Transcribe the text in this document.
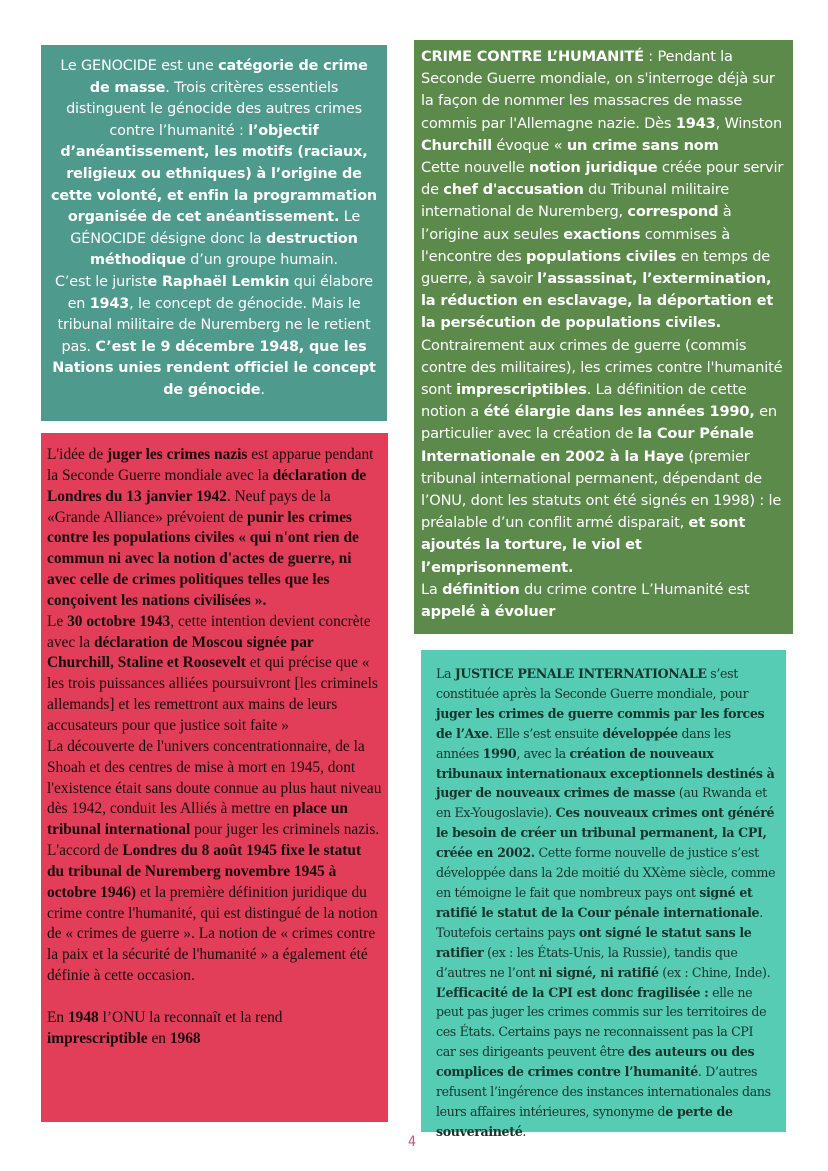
Le GENOCIDE est une catégorie de crime de masse. Trois critères essentiels distinguent le génocide des autres crimes contre l’humanité : l’objectif d’anéantissement, les motifs (raciaux, religieux ou ethniques) à l’origine de cette volonté, et enfin la programmation organisée de cet anéantissement. Le GÉNOCIDE désigne donc la destruction méthodique d’un groupe humain.
C’est le juriste Raphaël Lemkin qui élabore en 1943, le concept de génocide. Mais le tribunal militaire de Nuremberg ne le retient pas. C’est le 9 décembre 1948, que les Nations unies rendent officiel le concept de génocide.
CRIME CONTRE L’HUMANITÉ : Pendant la Seconde Guerre mondiale, on s'interroge déjà sur la façon de nommer les massacres de masse commis par l'Allemagne nazie. Dès 1943, Winston Churchill évoque « un crime sans nom
Cette nouvelle notion juridique créée pour servir de chef d'accusation du Tribunal militaire international de Nuremberg, correspond à l’origine aux seules exactions commises à l'encontre des populations civiles en temps de guerre, à savoir l’assassinat, l’extermination, la réduction en esclavage, la déportation et la persécution de populations civiles.
Contrairement aux crimes de guerre (commis contre des militaires), les crimes contre l'humanité sont imprescriptibles. La définition de cette notion a été élargie dans les années 1990, en particulier avec la création de la Cour Pénale Internationale en 2002 à la Haye (premier tribunal international permanent, dépendant de l’ONU, dont les statuts ont été signés en 1998) : le préalable d’un conflit armé disparait, et sont ajoutés la torture, le viol et l’emprisonnement.
La définition du crime contre L’Humanité est appelé à évoluer
L'idée de juger les crimes nazis est apparue pendant la Seconde Guerre mondiale avec la déclaration de Londres du 13 janvier 1942. Neuf pays de la «Grande Alliance» prévoient de punir les crimes contre les populations civiles « qui n'ont rien de commun ni avec la notion d'actes de guerre, ni avec celle de crimes politiques telles que les conçoivent les nations civilisées ».
Le 30 octobre 1943, cette intention devient concrète avec la déclaration de Moscou signée par Churchill, Staline et Roosevelt et qui précise que « les trois puissances alliées poursuivront [les criminels allemands] et les remettront aux mains de leurs accusateurs pour que justice soit faite »
La découverte de l'univers concentrationnaire, de la Shoah et des centres de mise à mort en 1945, dont l'existence était sans doute connue au plus haut niveau dès 1942, conduit les Alliés à mettre en place un tribunal international pour juger les criminels nazis. L'accord de Londres du 8 août 1945 fixe le statut du tribunal de Nuremberg novembre 1945 à octobre 1946) et la première définition juridique du crime contre l'humanité, qui est distingué de la notion de « crimes de guerre ». La notion de « crimes contre la paix et la sécurité de l'humanité » a également été définie à cette occasion.

En 1948 l’ONU la reconnaît et la rend imprescriptible en 1968
La JUSTICE PENALE INTERNATIONALE s’est constituée après la Seconde Guerre mondiale, pour juger les crimes de guerre commis par les forces de l’Axe. Elle s’est ensuite développée dans les années 1990, avec la création de nouveaux tribunaux internationaux exceptionnels destinés à juger de nouveaux crimes de masse (au Rwanda et en Ex-Yougoslavie). Ces nouveaux crimes ont généré le besoin de créer un tribunal permanent, la CPI, créée en 2002. Cette forme nouvelle de justice s’est développée dans la 2de moitié du XXème siècle, comme en témoigne le fait que nombreux pays ont signé et ratifié le statut de la Cour pénale internationale. Toutefois certains pays ont signé le statut sans le ratifier (ex : les États-Unis, la Russie), tandis que d’autres ne l’ont ni signé, ni ratifié (ex : Chine, Inde). L’efficacité de la CPI est donc fragilisée : elle ne peut pas juger les crimes commis sur les territoires de ces États. Certains pays ne reconnaissent pas la CPI car ses dirigeants peuvent être des auteurs ou des complices de crimes contre l’humanité. D’autres refusent l’ingérence des instances internationales dans leurs affaires intérieures, synonyme de perte de souveraineté.
4
